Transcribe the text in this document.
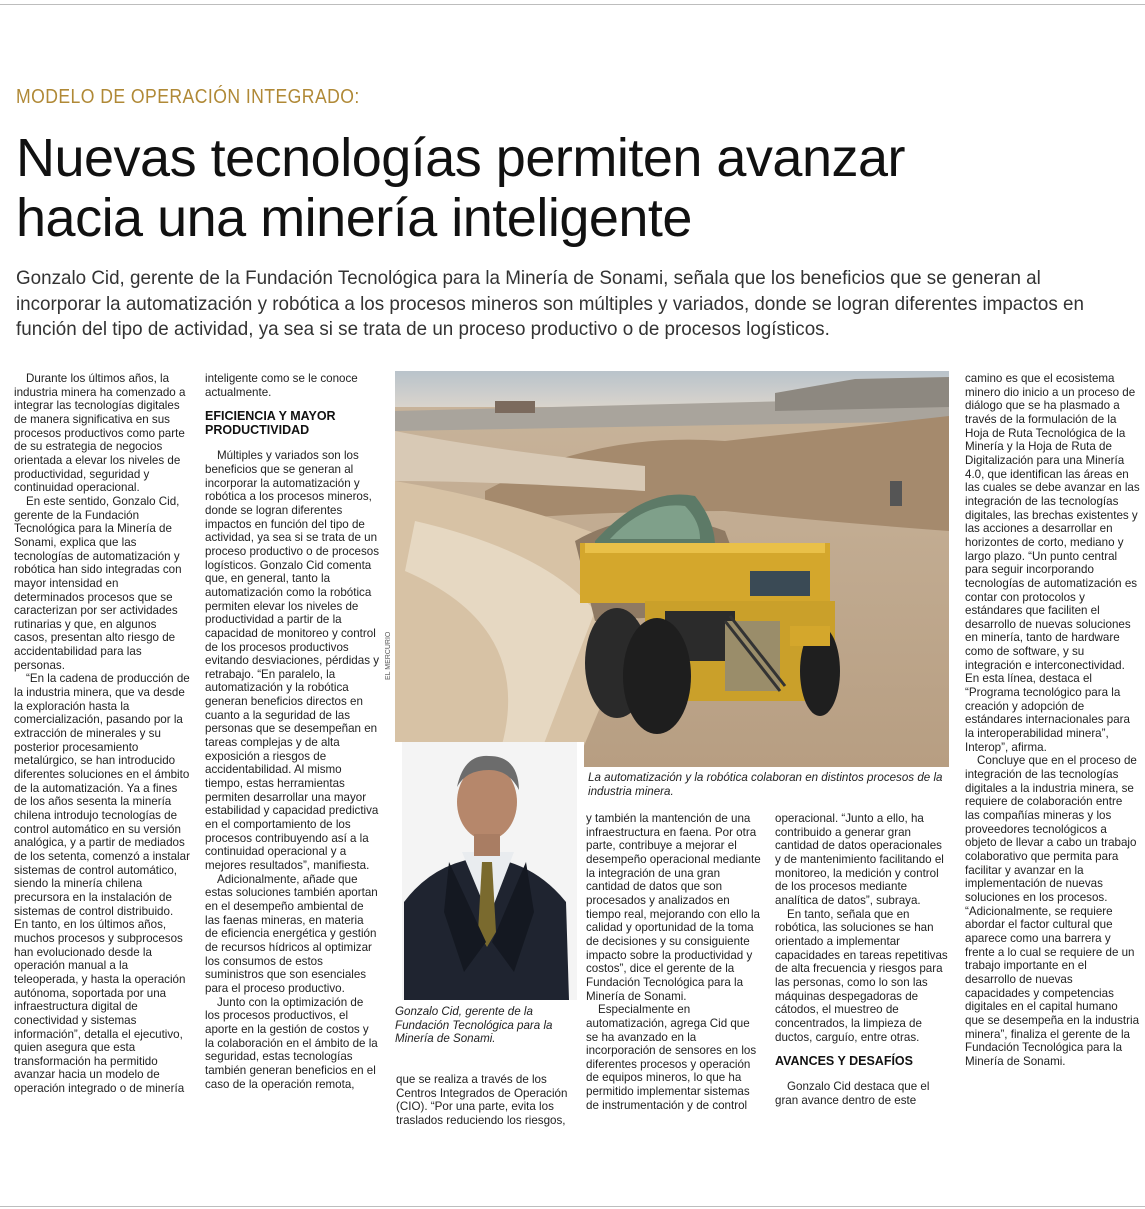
MODELO DE OPERACIÓN INTEGRADO:
Nuevas tecnologías permiten avanzar
hacia una minería inteligente
Gonzalo Cid, gerente de la Fundación Tecnológica para la Minería de Sonami, señala que los beneficios que se generan al incorporar la automatización y robótica a los procesos mineros son múltiples y variados, donde se logran diferentes impactos en función del tipo de actividad, ya sea si se trata de un proceso productivo o de procesos logísticos.

Durante los últimos años, la industria minera ha comenzado a integrar las tecnologías digitales de manera significativa en sus procesos productivos como parte de su estrategia de negocios orientada a elevar los niveles de productividad, seguridad y continuidad operacional.

En este sentido, Gonzalo Cid, gerente de la Fundación Tecnológica para la Minería de Sonami, explica que las tecnologías de automatización y robótica han sido integradas con mayor intensidad en determinados procesos que se caracterizan por ser actividades rutinarias y que, en algunos casos, presentan alto riesgo de accidentabilidad para las personas.

“En la cadena de producción de la industria minera, que va desde la exploración hasta la comercialización, pasando por la extracción de minerales y su posterior procesamiento metalúrgico, se han introducido diferentes soluciones en el ámbito de la automatización. Ya a fines de los años sesenta la minería chilena introdujo tecnologías de control automático en su versión analógica, y a partir de mediados de los setenta, comenzó a instalar sistemas de control automático, siendo la minería chilena precursora en la instalación de sistemas de control distribuido. En tanto, en los últimos años, muchos procesos y subprocesos han evolucionado desde la operación manual a la teleoperada, y hasta la operación autónoma, soportada por una infraestructura digital de conectividad y sistemas información”, detalla el ejecutivo, quien asegura que esta transformación ha permitido avanzar hacia un modelo de operación integrado o de minería

inteligente como se le conoce actualmente.

EFICIENCIA Y MAYOR PRODUCTIVIDAD

Múltiples y variados son los beneficios que se generan al incorporar la automatización y robótica a los procesos mineros, donde se logran diferentes impactos en función del tipo de actividad, ya sea si se trata de un proceso productivo o de procesos logísticos. Gonzalo Cid comenta que, en general, tanto la automatización como la robótica permiten elevar los niveles de productividad a partir de la capacidad de monitoreo y control de los procesos productivos evitando desviaciones, pérdidas y retrabajo. “En paralelo, la automatización y la robótica generan beneficios directos en cuanto a la seguridad de las personas que se desempeñan en tareas complejas y de alta exposición a riesgos de accidentabilidad. Al mismo tiempo, estas herramientas permiten desarrollar una mayor estabilidad y capacidad predictiva en el comportamiento de los procesos contribuyendo así a la continuidad operacional y a mejores resultados”, manifiesta.

Adicionalmente, añade que estas soluciones también aportan en el desempeño ambiental de las faenas mineras, en materia de eficiencia energética y gestión de recursos hídricos al optimizar los consumos de estos suministros que son esenciales para el proceso productivo.

Junto con la optimización de los procesos productivos, el aporte en la gestión de costos y la colaboración en el ámbito de la seguridad, estas tecnologías también generan beneficios en el caso de la operación remota,

EL MERCURIO
Gonzalo Cid, gerente de la Fundación Tecnológica para la Minería de Sonami.
La automatización y la robótica colaboran en distintos procesos de la industria minera.

que se realiza a través de los Centros Integrados de Operación (CIO). “Por una parte, evita los traslados reduciendo los riesgos,

y también la mantención de una infraestructura en faena. Por otra parte, contribuye a mejorar el desempeño operacional mediante la integración de una gran cantidad de datos que son procesados y analizados en tiempo real, mejorando con ello la calidad y oportunidad de la toma de decisiones y su consiguiente impacto sobre la productividad y costos”, dice el gerente de la Fundación Tecnológica para la Minería de Sonami.

Especialmente en automatización, agrega Cid que se ha avanzado en la incorporación de sensores en los diferentes procesos y operación de equipos mineros, lo que ha permitido implementar sistemas de instrumentación y de control

operacional. “Junto a ello, ha contribuido a generar gran cantidad de datos operacionales y de mantenimiento facilitando el monitoreo, la medición y control de los procesos mediante analítica de datos”, subraya.

En tanto, señala que en robótica, las soluciones se han orientado a implementar capacidades en tareas repetitivas de alta frecuencia y riesgos para las personas, como lo son las máquinas despegadoras de cátodos, el muestreo de concentrados, la limpieza de ductos, carguío, entre otras.

AVANCES Y DESAFÍOS

Gonzalo Cid destaca que el gran avance dentro de este

camino es que el ecosistema minero dio inicio a un proceso de diálogo que se ha plasmado a través de la formulación de la Hoja de Ruta Tecnológica de la Minería y la Hoja de Ruta de Digitalización para una Minería 4.0, que identifican las áreas en las cuales se debe avanzar en las integración de las tecnologías digitales, las brechas existentes y las acciones a desarrollar en horizontes de corto, mediano y largo plazo. “Un punto central para seguir incorporando tecnologías de automatización es contar con protocolos y estándares que faciliten el desarrollo de nuevas soluciones en minería, tanto de hardware como de software, y su integración e interconectividad. En esta línea, destaca el “Programa tecnológico para la creación y adopción de estándares internacionales para la interoperabilidad minera”, Interop”, afirma.

Concluye que en el proceso de integración de las tecnologías digitales a la industria minera, se requiere de colaboración entre las compañías mineras y los proveedores tecnológicos a objeto de llevar a cabo un trabajo colaborativo que permita para facilitar y avanzar en la implementación de nuevas soluciones en los procesos. “Adicionalmente, se requiere abordar el factor cultural que aparece como una barrera y frente a lo cual se requiere de un trabajo importante en el desarrollo de nuevas capacidades y competencias digitales en el capital humano que se desempeña en la industria minera”, finaliza el gerente de la Fundación Tecnológica para la Minería de Sonami.
